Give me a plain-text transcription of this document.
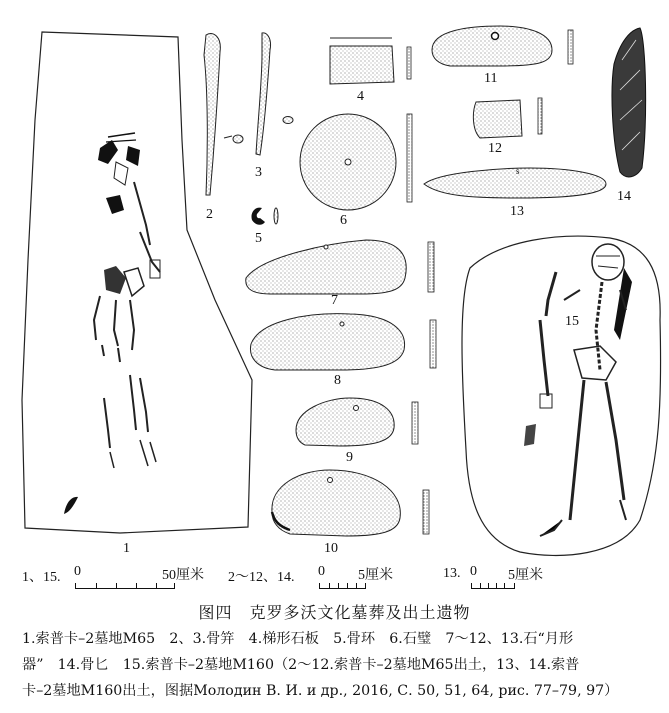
1
2
3
4
5
6
7
8
9
10
11
12
13
s
14
15
1、15. 0	50厘米 2～12、14. 0 5厘米	13. 0 5厘米
图四　克罗多沃文化墓葬及出土遗物
1.索普卡–2墓地M65　2、3.骨笄　4.梯形石板　5.骨环　6.石璧　7～12、13.石“月形
器”　14.骨匕　15.索普卡–2墓地M160（2～12.索普卡–2墓地M65出土，13、14.索普
卡–2墓地M160出土，图据Молодин В. И. и др., 2016, С. 50, 51, 64, рис. 77–79, 97）
